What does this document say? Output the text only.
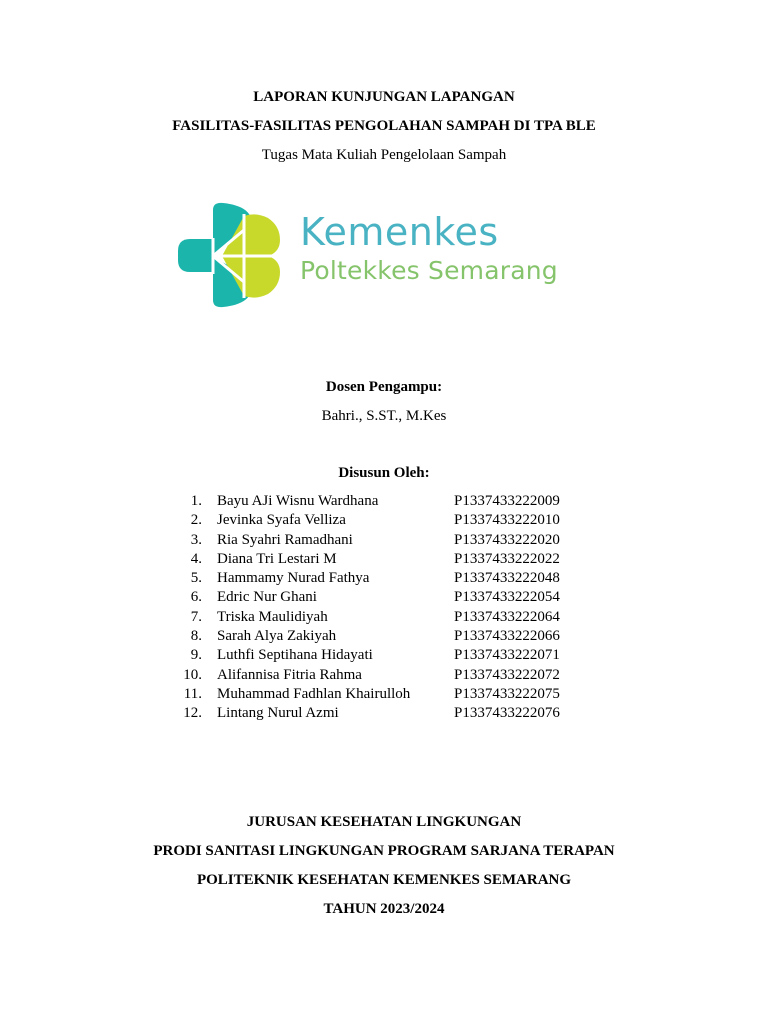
LAPORAN KUNJUNGAN LAPANGAN
FASILITAS-FASILITAS PENGOLAHAN SAMPAH DI TPA BLE
Tugas Mata Kuliah Pengelolaan Sampah
Kemenkes
Poltekkes Semarang
Dosen Pengampu:
Bahri., S.ST., M.Kes
Disusun Oleh:
1. Bayu AJi Wisnu Wardhana	P1337433222009
2. Jevinka Syafa Velliza	P1337433222010
3. Ria Syahri Ramadhani	P1337433222020
4. Diana Tri Lestari M	P1337433222022
5. Hammamy Nurad Fathya	P1337433222048
6. Edric Nur Ghani	P1337433222054
7. Triska Maulidiyah	P1337433222064
8. Sarah Alya Zakiyah	P1337433222066
9. Luthfi Septihana Hidayati	P1337433222071
10. Alifannisa Fitria Rahma	P1337433222072
11. Muhammad Fadhlan Khairulloh	P1337433222075
12. Lintang Nurul Azmi	P1337433222076
JURUSAN KESEHATAN LINGKUNGAN
PRODI SANITASI LINGKUNGAN PROGRAM SARJANA TERAPAN
POLITEKNIK KESEHATAN KEMENKES SEMARANG
TAHUN 2023/2024
